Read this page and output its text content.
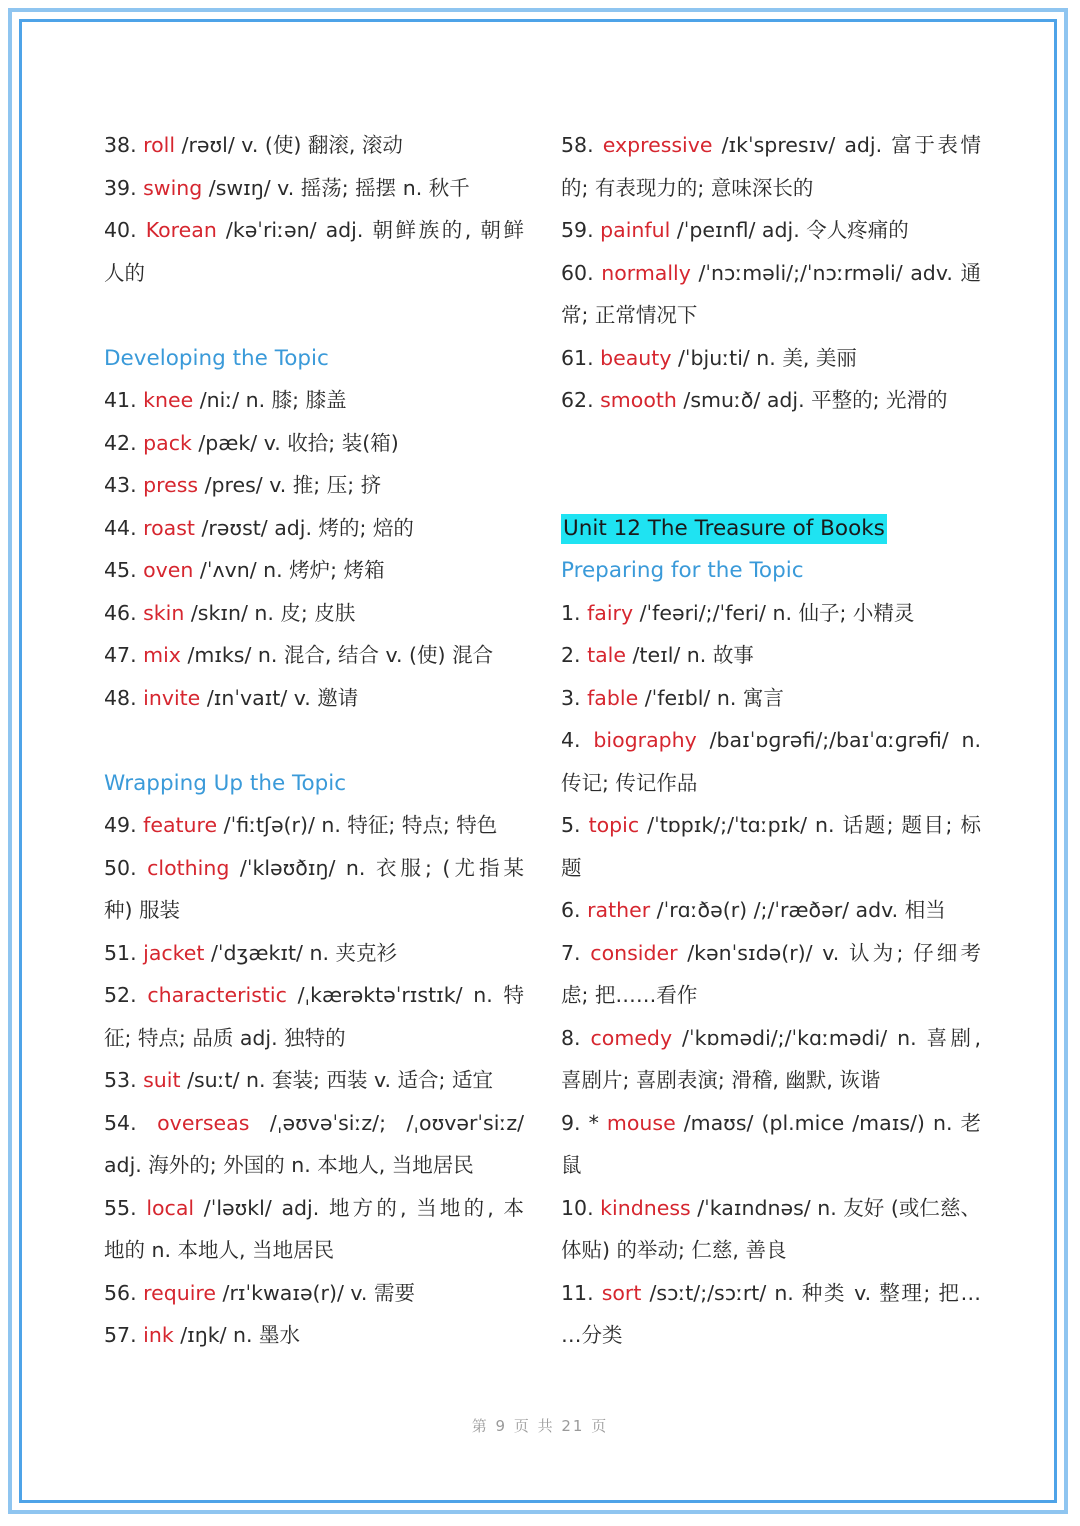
38. roll /rəʊl/ v. (使) 翻滚, 滚动
39. swing /swɪŋ/ v. 摇荡; 摇摆 n. 秋千
40. Korean /kəˈriːən/ adj. 朝鲜族的, 朝鲜
人的
Developing the Topic
41. knee /niː/ n. 膝; 膝盖
42. pack /pæk/ v. 收拾; 装(箱)
43. press /pres/ v. 推; 压; 挤
44. roast /rəʊst/ adj. 烤的; 焙的
45. oven /ˈʌvn/ n. 烤炉; 烤箱
46. skin /skɪn/ n. 皮; 皮肤
47. mix /mɪks/ n. 混合, 结合 v. (使) 混合
48. invite /ɪnˈvaɪt/ v. 邀请
Wrapping Up the Topic
49. feature /ˈfiːtʃə(r)/ n. 特征; 特点; 特色
50. clothing /ˈkləʊðɪŋ/ n. 衣服; (尤指某
种) 服装
51. jacket /ˈdʒækɪt/ n. 夹克衫
52. characteristic /ˌkærəktəˈrɪstɪk/ n. 特
征; 特点; 品质 adj. 独特的
53. suit /suːt/ n. 套装; 西装 v. 适合; 适宜
54. overseas /ˌəʊvəˈsiːz/; /ˌoʊvərˈsiːz/
adj. 海外的; 外国的 n. 本地人, 当地居民
55. local /ˈləʊkl/ adj. 地方的, 当地的, 本
地的 n. 本地人, 当地居民
56. require /rɪˈkwaɪə(r)/ v. 需要
57. ink /ɪŋk/ n. 墨水
58. expressive /ɪkˈspresɪv/ adj. 富于表情
的; 有表现力的; 意味深长的
59. painful /ˈpeɪnfl/ adj. 令人疼痛的
60. normally /ˈnɔːməli/;/ˈnɔːrməli/ adv. 通
常; 正常情况下
61. beauty /ˈbjuːti/ n. 美, 美丽
62. smooth /smuːð/ adj. 平整的; 光滑的
Unit 12 The Treasure of Books
Preparing for the Topic
1. fairy /ˈfeəri/;/ˈferi/ n. 仙子; 小精灵
2. tale /teɪl/ n. 故事
3. fable /ˈfeɪbl/ n. 寓言
4. biography /baɪˈɒɡrəfi/;/baɪˈɑːɡrəfi/ n.
传记; 传记作品
5. topic /ˈtɒpɪk/;/ˈtɑːpɪk/ n. 话题; 题目; 标
题
6. rather /ˈrɑːðə(r) /;/ˈræðər/ adv. 相当
7. consider /kənˈsɪdə(r)/ v. 认为; 仔细考
虑; 把……看作
8. comedy /ˈkɒmədi/;/ˈkɑːmədi/ n. 喜剧,
喜剧片; 喜剧表演; 滑稽, 幽默, 诙谐
9. * mouse /maʊs/ (pl.mice /maɪs/) n. 老
鼠
10. kindness /ˈkaɪndnəs/ n. 友好 (或仁慈、
体贴) 的举动; 仁慈, 善良
11. sort /sɔːt/;/sɔːrt/ n. 种类 v. 整理; 把…
…分类
第 9 页 共 21 页
